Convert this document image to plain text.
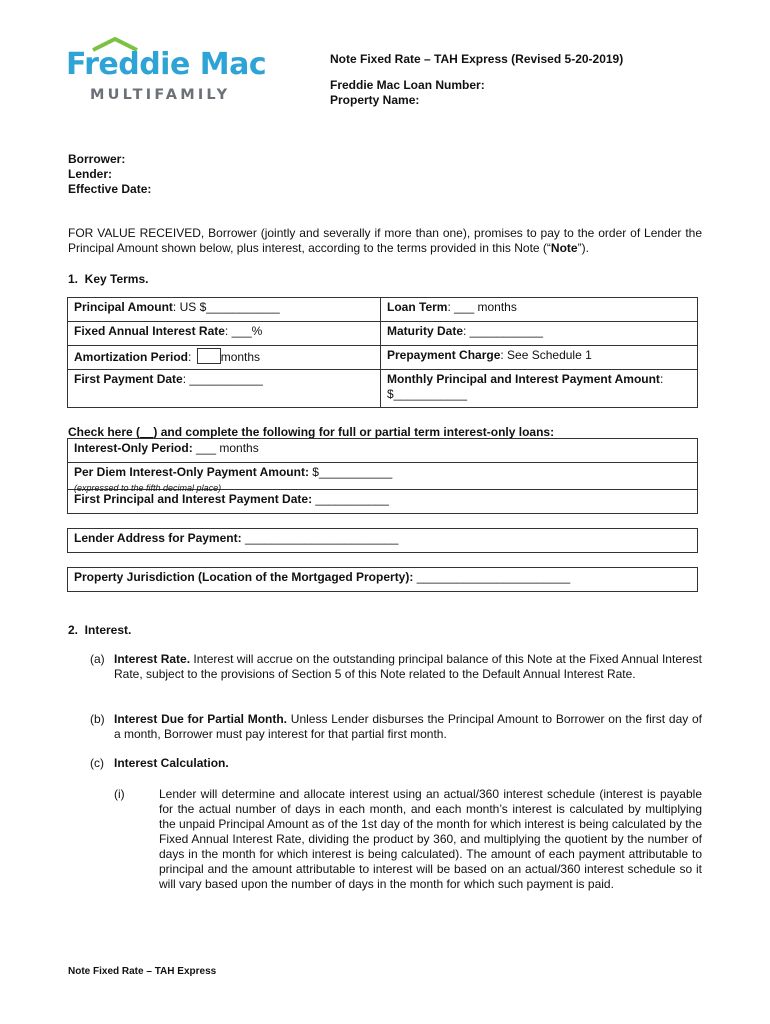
Freddie Mac
MULTIFAMILY
Note Fixed Rate – TAH Express (Revised 5-20-2019)
Freddie Mac Loan Number:
Property Name:
Borrower:
Lender:
Effective Date:
FOR VALUE RECEIVED, Borrower (jointly and severally if more than one), promises to pay to the order of Lender the Principal Amount shown below, plus interest, according to the terms provided in this Note (“Note”).
1.  Key Terms.
Principal Amount: US $___________	Loan Term: ___ months
Fixed Annual Interest Rate: ___%	Maturity Date: ___________
Amortization Period: months	Prepayment Charge: See Schedule 1
First Payment Date: ___________	Monthly Principal and Interest Payment Amount:
$___________
Check here (__) and complete the following for full or partial term interest-only loans:
Interest-Only Period: ___ months
Per Diem Interest-Only Payment Amount: $___________
(expressed to the fifth decimal place)
First Principal and Interest Payment Date: ___________
Lender Address for Payment: _______________________
Property Jurisdiction (Location of the Mortgaged Property): _______________________
2.  Interest.
(a) Interest Rate. Interest will accrue on the outstanding principal balance of this Note at the Fixed Annual Interest Rate, subject to the provisions of Section 5 of this Note related to the Default Annual Interest Rate.
(b) Interest Due for Partial Month. Unless Lender disburses the Principal Amount to Borrower on the first day of a month, Borrower must pay interest for that partial first month.
(c) Interest Calculation.
(i)	Lender will determine and allocate interest using an actual/360 interest schedule (interest is payable for the actual number of days in each month, and each month’s interest is calculated by multiplying the unpaid Principal Amount as of the 1st day of the month for which interest is being calculated by the Fixed Annual Interest Rate, dividing the product by 360, and multiplying the quotient by the number of days in the month for which interest is being calculated). The amount of each payment attributable to principal and the amount attributable to interest will be based on an actual/360 interest schedule so it will vary based upon the number of days in the month for which such payment is paid.
Note Fixed Rate – TAH Express
